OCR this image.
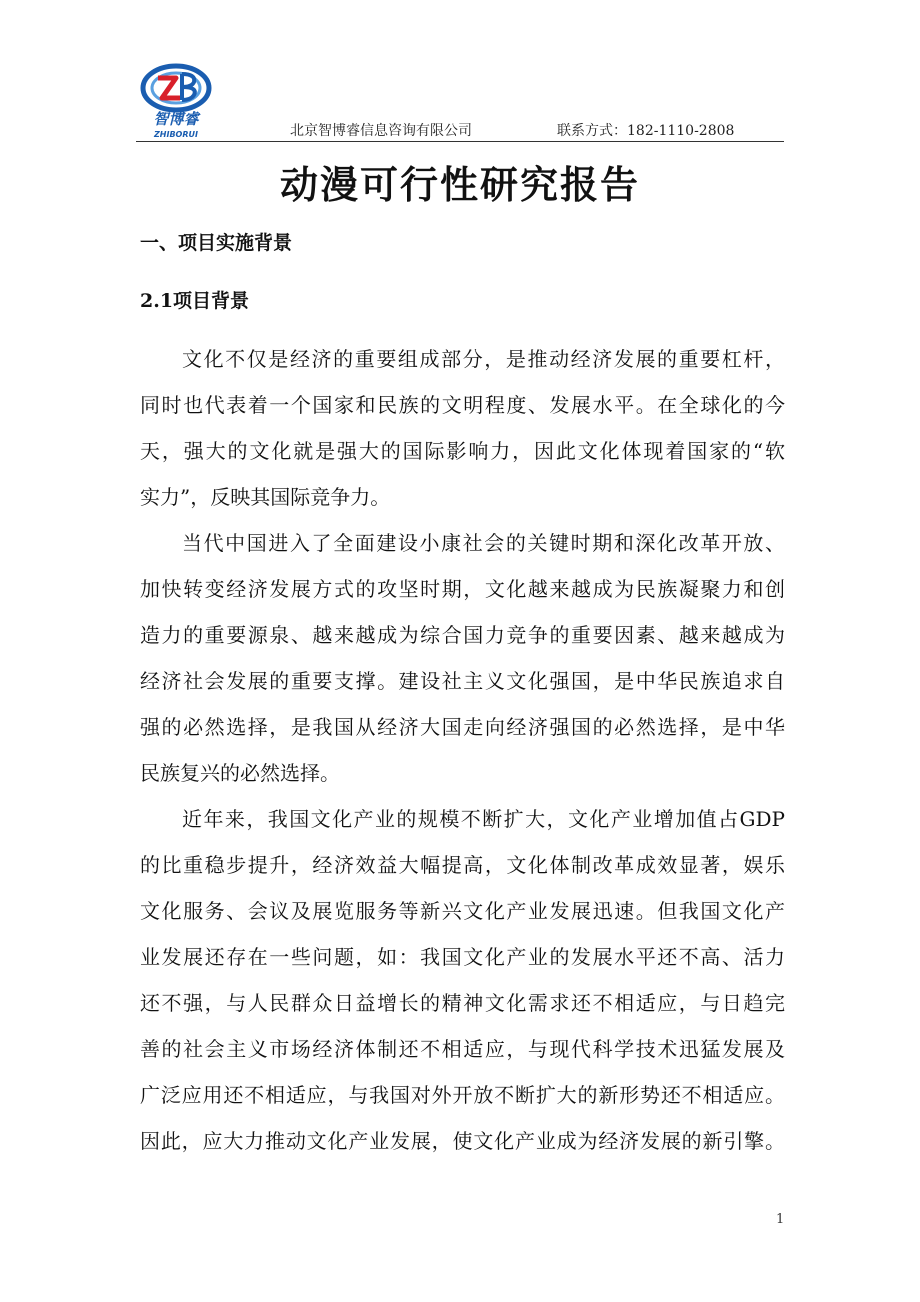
智博睿
ZHIBORUI	北京智博睿信息咨询有限公司	联系方式：182-1110-2808
动漫可行性研究报告
一、项目实施背景
2.1项目背景
文化不仅是经济的重要组成部分，是推动经济发展的重要杠杆，
同时也代表着一个国家和民族的文明程度、发展水平。在全球化的今
天，强大的文化就是强大的国际影响力，因此文化体现着国家的“软
实力”，反映其国际竞争力。
当代中国进入了全面建设小康社会的关键时期和深化改革开放、
加快转变经济发展方式的攻坚时期，文化越来越成为民族凝聚力和创
造力的重要源泉、越来越成为综合国力竞争的重要因素、越来越成为
经济社会发展的重要支撑。建设社主义文化强国，是中华民族追求自
强的必然选择，是我国从经济大国走向经济强国的必然选择，是中华
民族复兴的必然选择。
近年来，我国文化产业的规模不断扩大，文化产业增加值占GDP
的比重稳步提升，经济效益大幅提高，文化体制改革成效显著，娱乐
文化服务、会议及展览服务等新兴文化产业发展迅速。但我国文化产
业发展还存在一些问题，如：我国文化产业的发展水平还不高、活力
还不强，与人民群众日益增长的精神文化需求还不相适应，与日趋完
善的社会主义市场经济体制还不相适应，与现代科学技术迅猛发展及
广泛应用还不相适应，与我国对外开放不断扩大的新形势还不相适应。
因此，应大力推动文化产业发展，使文化产业成为经济发展的新引擎。
1
